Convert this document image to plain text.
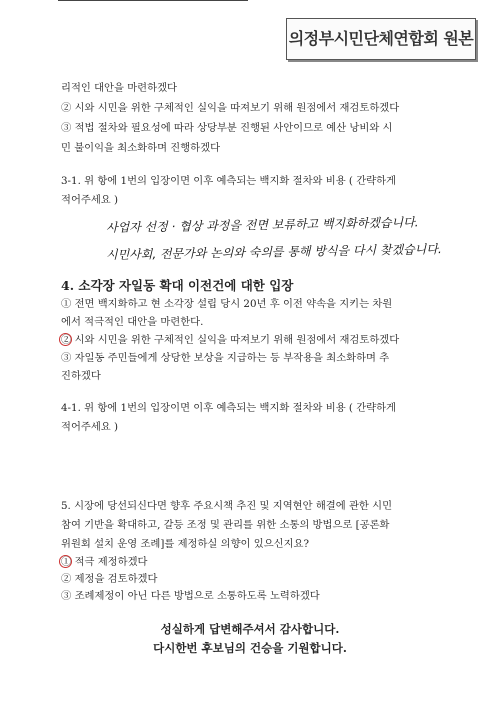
의정부시민단체연합회 원본
리적인 대안을 마련하겠다
② 시와 시민을 위한 구체적인 실익을 따져보기 위해 원점에서 재검토하겠다
③ 적법 절차와 필요성에 따라 상당부분 진행된 사안이므로 예산 낭비와 시
민 불이익을 최소화하며 진행하겠다
3-1. 위 항에 1번의 입장이면 이후 예측되는 백지화 절차와 비용 ( 간략하게
적어주세요 )
사업자 선정 · 협상 과정을 전면 보류하고 백지화하겠습니다.
시민사회, 전문가와 논의와 숙의를 통해 방식을 다시 찾겠습니다.
4. 소각장 자일동 확대 이전건에 대한 입장
① 전면 백지화하고 현 소각장 설립 당시 20년 후 이전 약속을 지키는 차원
에서 적극적인 대안을 마련한다.
② 시와 시민을 위한 구체적인 실익을 따져보기 위해 원점에서 재검토하겠다
③ 자일동 주민들에게 상당한 보상을 지급하는 등 부작용을 최소화하며 추
진하겠다
4-1. 위 항에 1번의 입장이면 이후 예측되는 백지화 절차와 비용 ( 간략하게
적어주세요 )
5. 시장에 당선되신다면 향후 주요시책 추진 및 지역현안 해결에 관한 시민
참여 기반을 확대하고, 갈등 조정 및 관리를 위한 소통의 방법으로 [공론화
위원회 설치 운영 조례]를 제정하실 의향이 있으신지요?
① 적극 제정하겠다
② 제정을 검토하겠다
③ 조례제정이 아닌 다른 방법으로 소통하도록 노력하겠다
성실하게 답변해주셔서 감사합니다.
다시한번 후보님의 건승을 기원합니다.
